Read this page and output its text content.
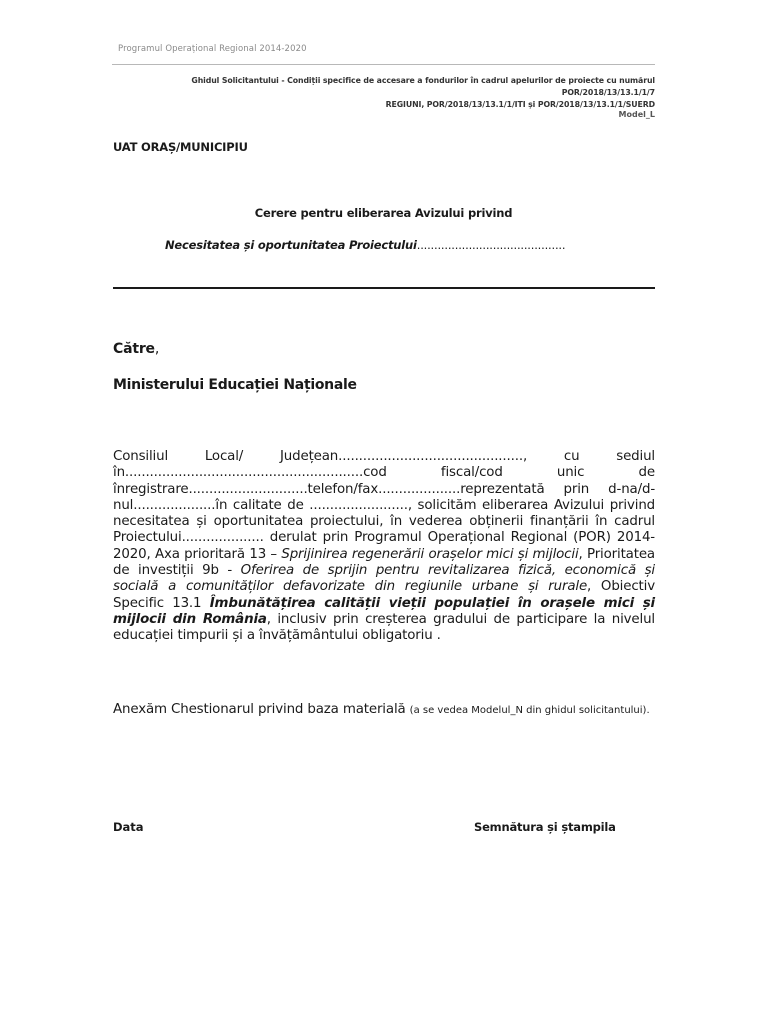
Programul Operațional Regional 2014-2020
Ghidul Solicitantului - Condiții specifice de accesare a fondurilor în cadrul apelurilor de proiecte cu numărul POR/2018/13/13.1/1/7
REGIUNI, POR/2018/13/13.1/1/ITI și POR/2018/13/13.1/1/SUERD
Model_L
UAT ORAȘ/MUNICIPIU
Cerere pentru eliberarea Avizului privind
Necesitatea și oportunitatea Proiectului...........................................
Către,
Ministerului Educației Naționale
Consiliul Local/ Județean............................................., cu sediul în..........................................................cod fiscal/cod unic de înregistrare.............................telefon/fax....................reprezentată prin d-na/d-nul....................în calitate de ........................, solicităm eliberarea Avizului privind necesitatea și oportunitatea proiectului, în vederea obținerii finanțării în cadrul Proiectului.................... derulat prin Programul Operațional Regional (POR) 2014-2020, Axa prioritară 13 – Sprijinirea regenerării orașelor mici și mijlocii, Prioritatea de investiții 9b - Oferirea de sprijin pentru revitalizarea fizică, economică și socială a comunităților defavorizate din regiunile urbane și rurale, Obiectiv Specific 13.1 Îmbunătățirea calității vieții populației în orașele mici și mijlocii din România, inclusiv prin creșterea gradului de participare la nivelul educației timpurii și a învățământului obligatoriu .
Anexăm Chestionarul privind baza materială (a se vedea Modelul_N din ghidul solicitantului).
Data	Semnătura și ștampila
